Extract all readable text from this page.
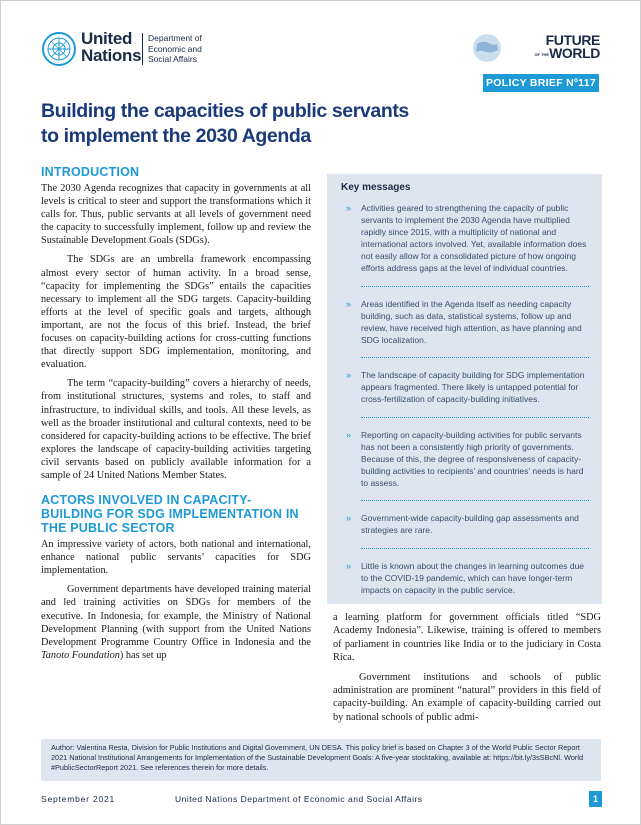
United
Nations
Department of
Economic and
Social Affairs
FUTURE
OF THEWORLD
POLICY BRIEF Nº117
Building the capacities of public servants
to implement the 2030 Agenda
INTRODUCTION

The 2030 Agenda recognizes that capacity in governments at all levels is critical to steer and support the transformations which it calls for. Thus, public servants at all levels of government need the capacity to successfully implement, follow up and review the Sustainable Development Goals (SDGs).

The SDGs are an umbrella framework encompassing almost every sector of human activity. In a broad sense, “capacity for implementing the SDGs” entails the capacities necessary to implement all the SDG targets. Capacity-building efforts at the level of specific goals and targets, although important, are not the focus of this brief. Instead, the brief focuses on capacity-building actions for cross-cutting functions that directly support SDG implementation, monitoring, and evaluation.

The term “capacity-building” covers a hierarchy of needs, from institutional structures, systems and roles, to staff and infrastructure, to individual skills, and tools. All these levels, as well as the broader institutional and cultural contexts, need to be considered for capacity-building actions to be effective. The brief explores the landscape of capacity-building activities targeting civil servants based on publicly available information for a sample of 24 United Nations Member States.

ACTORS INVOLVED IN CAPACITY-
BUILDING FOR SDG IMPLEMENTATION IN
THE PUBLIC SECTOR

An impressive variety of actors, both national and international, enhance national public servants’ capacities for SDG implementation.

Government departments have developed training material and led training activities on SDGs for members of the executive. In Indonesia, for example, the Ministry of National Development Planning (with support from the United Nations Development Programme Country Office in Indonesia and the Tanoto Foundation) has set up

Key messages
» Activities geared to strengthening the capacity of public servants to implement the 2030 Agenda have multiplied rapidly since 2015, with a multiplicity of national and international actors involved. Yet, available information does not easily allow for a consolidated picture of how ongoing efforts address gaps at the level of individual countries.
» Areas identified in the Agenda itself as needing capacity building, such as data, statistical systems, follow up and review, have received high attention, as have planning and SDG localization.
» The landscape of capacity building for SDG implementation appears fragmented. There likely is untapped potential for cross-fertilization of capacity-building initiatives.
» Reporting on capacity-building activities for public servants has not been a consistently high priority of governments. Because of this, the degree of responsiveness of capacity-building activities to recipients’ and countries’ needs is hard to assess.
» Government-wide capacity-building gap assessments and strategies are rare.
» Little is known about the changes in learning outcomes due to the COVID-19 pandemic, which can have longer-term impacts on capacity in the public service.

a learning platform for government officials titled “SDG Academy Indonesia”. Likewise, training is offered to members of parliament in countries like India or to the judiciary in Costa Rica.

Government institutions and schools of public administration are prominent “natural” providers in this field of capacity-building. An example of capacity-building carried out by national schools of public admi-

Author: Valentina Resta, Division for Public Institutions and Digital Government, UN DESA. This policy brief is based on Chapter 3 of the World Public Sector Report 2021 National Institutional Arrangements for Implementation of the Sustainable Development Goals: A five-year stocktaking, available at: https://bit.ly/3sSBcNl. World #PublicSectorReport 2021. See references therein for more details.
September 2021	United Nations Department of Economic and Social Affairs	1
